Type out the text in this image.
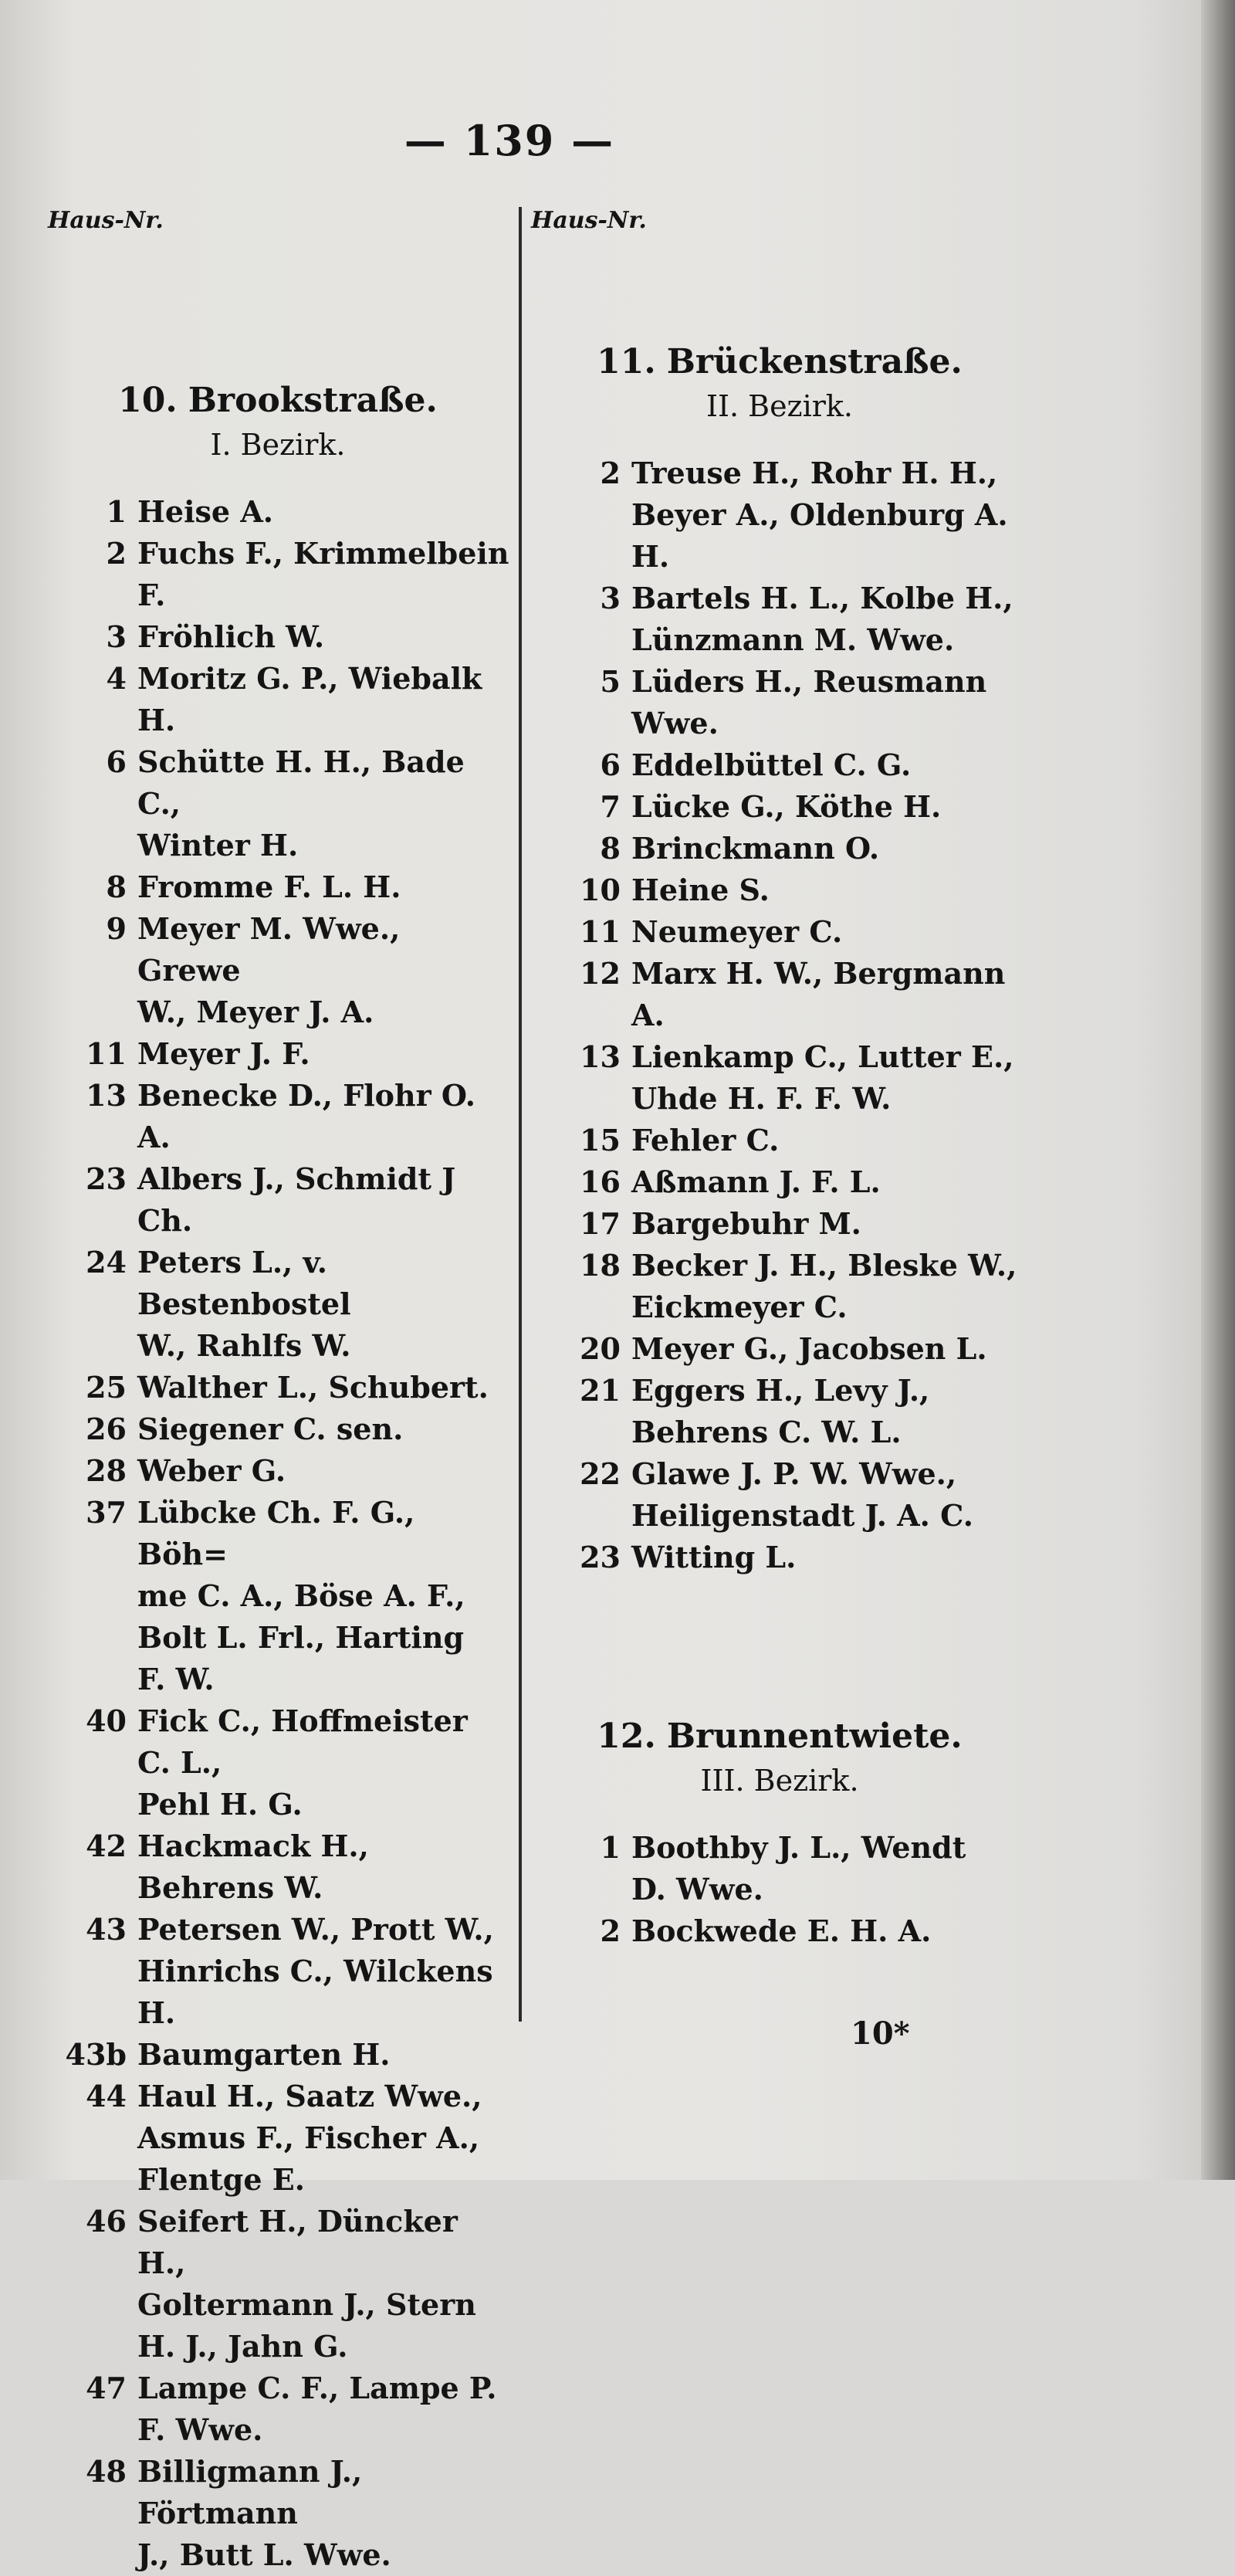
— 139 —
Haus-Nr.	Haus-Nr.
10. Brookstraße.
I. Bezirk.
1 Heise A.
2 Fuchs F., Krimmelbein F.
3 Fröhlich W.
4 Moritz G. P., Wiebalk H.
6 Schütte H. H., Bade C.,
Winter H.
8 Fromme F. L. H.
9 Meyer M. Wwe., Grewe
W., Meyer J. A.
11 Meyer J. F.
13 Benecke D., Flohr O. A.
23 Albers J., Schmidt J Ch.
24 Peters L., v. Bestenbostel
W., Rahlfs W.
25 Walther L., Schubert.
26 Siegener C. sen.
28 Weber G.
37 Lübcke Ch. F. G., Böh=
me C. A., Böse A. F.,
Bolt L. Frl., Harting
F. W.
40 Fick C., Hoffmeister C. L.,
Pehl H. G.
42 Hackmack H., Behrens W.
43 Petersen W., Prott W.,
Hinrichs C., Wilckens H.
43b Baumgarten H.
44 Haul H., Saatz Wwe.,
Asmus F., Fischer A.,
Flentge E.
46 Seifert H., Düncker H.,
Goltermann J., Stern
H. J., Jahn G.
47 Lampe C. F., Lampe P.
F. Wwe.
48 Billigmann J., Förtmann
J., Butt L. Wwe.
11. Brückenstraße.
II. Bezirk.
2 Treuse H., Rohr H. H.,
Beyer A., Oldenburg A.
H.
3 Bartels H. L., Kolbe H.,
Lünzmann M. Wwe.
5 Lüders H., Reusmann
Wwe.
6 Eddelbüttel C. G.
7 Lücke G., Köthe H.
8 Brinckmann O.
10 Heine S.
11 Neumeyer C.
12 Marx H. W., Bergmann
A.
13 Lienkamp C., Lutter E.,
Uhde H. F. F. W.
15 Fehler C.
16 Aßmann J. F. L.
17 Bargebuhr M.
18 Becker J. H., Bleske W.,
Eickmeyer C.
20 Meyer G., Jacobsen L.
21 Eggers H., Levy J.,
Behrens C. W. L.
22 Glawe J. P. W. Wwe.,
Heiligenstadt J. A. C.
23 Witting L.
12. Brunnentwiete.
III. Bezirk.
1 Boothby J. L., Wendt
D. Wwe.
2 Bockwede E. H. A.
10*
